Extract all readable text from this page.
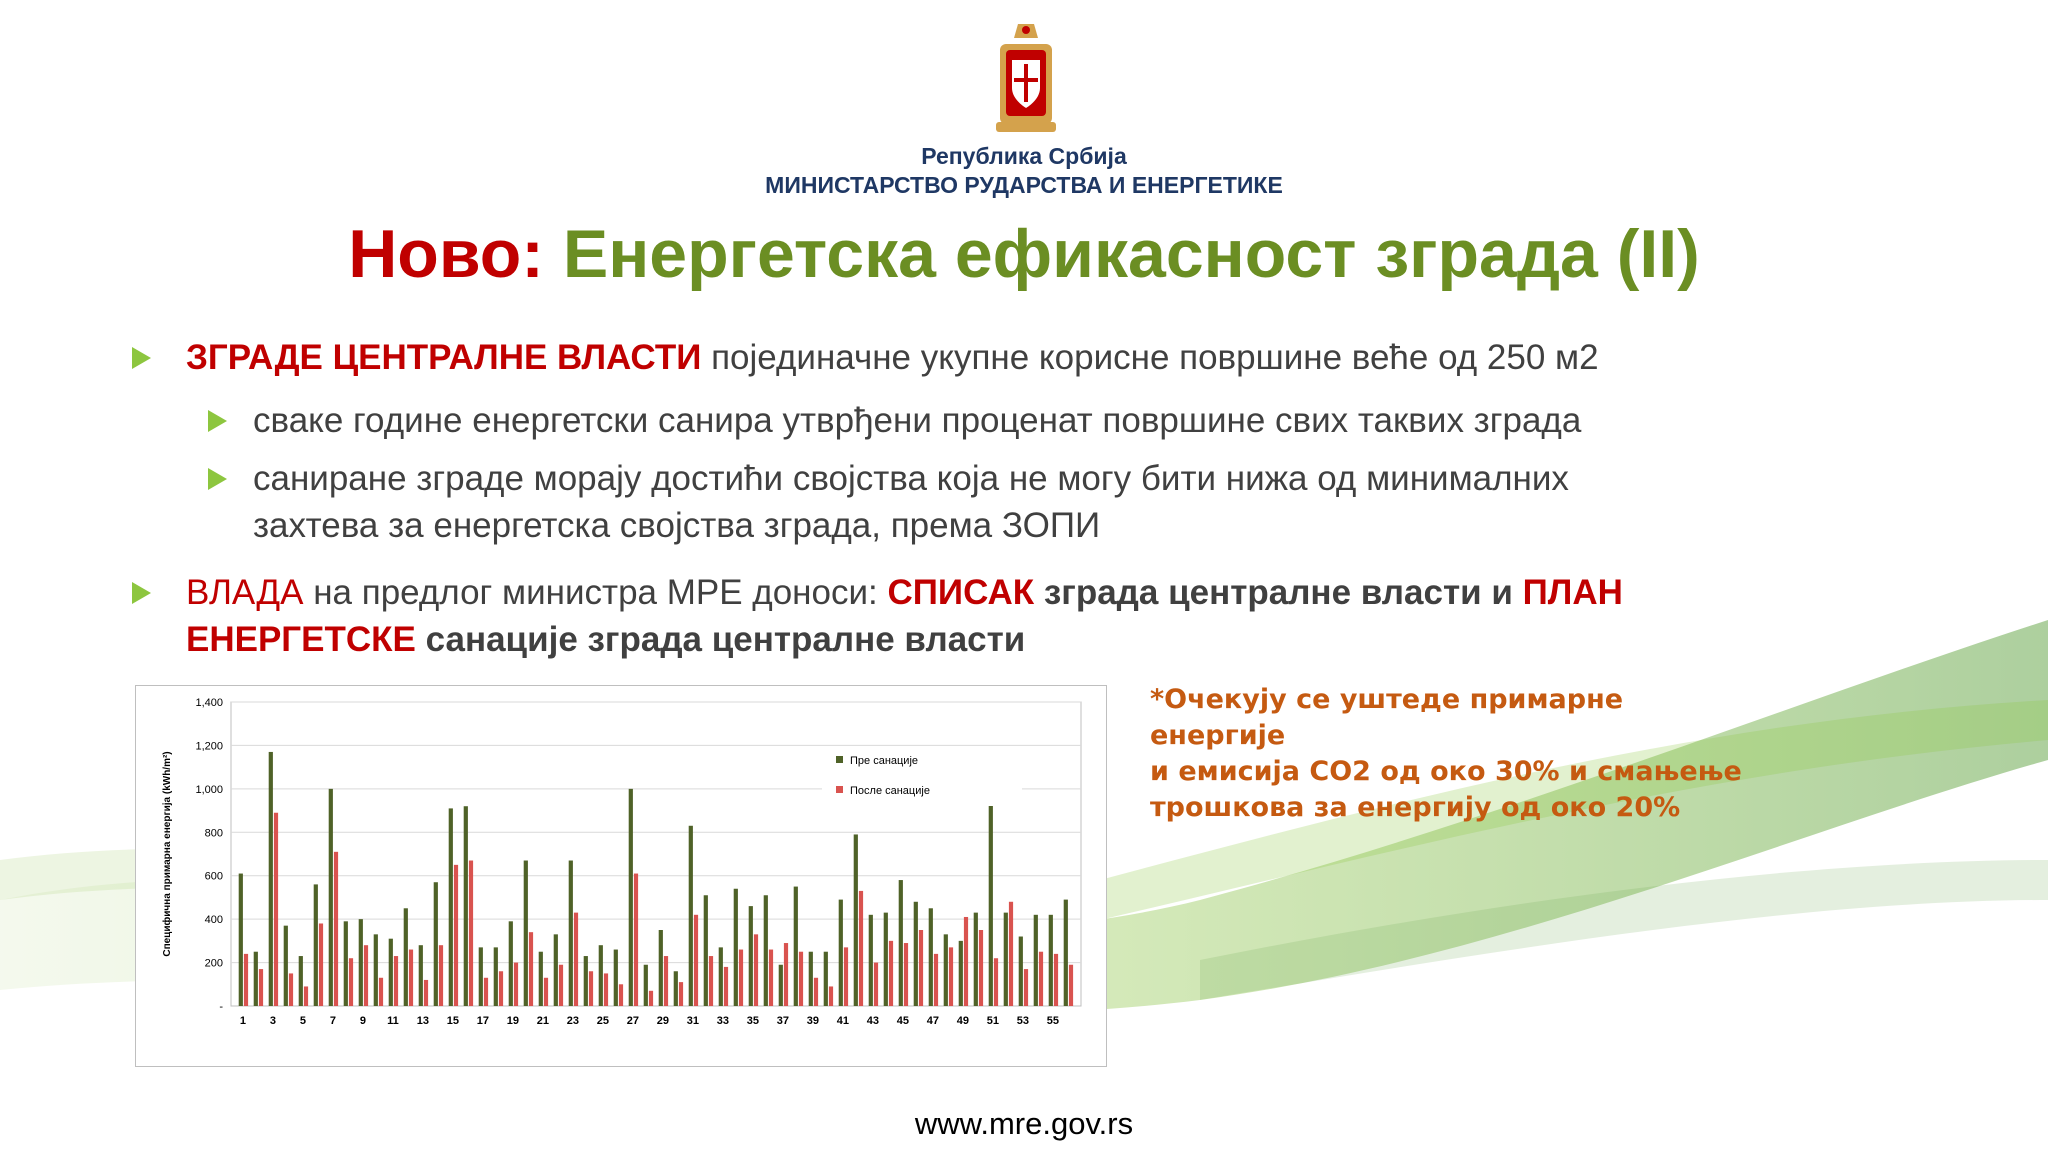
Република Србија
МИНИСТАРСТВО РУДАРСТВА И ЕНЕРГЕТИКЕ
Ново: Енергетска ефикасност зграда (II)
ЗГРАДЕ ЦЕНТРАЛНЕ ВЛАСТИ појединачне укупне корисне површине веће од 250 м2
сваке године енергетски санира утврђени проценат површине свих таквих зграда
саниране зграде морају достићи својства која не могу бити нижа од минималних
захтева за енергетска својства зграда, према ЗОПИ
ВЛАДА на предлог министра МРЕ доноси: СПИСАК зграда централне власти и ПЛАН
ЕНЕРГЕТСКЕ санације зграда централне власти
-
200
400
600
800
1,000
1,200
1,400
Специфична примарна енергија (kWh/m²)
1 3 5 7 9 11 13 15 17 19 21 23 25 27 29 31 33 35 37 39 41 43 45 47 49 51 53 55
Пре санације
После санације
*Очекују се уштеде примарне енергије
и емисија CO2 од око 30% и смањење
трошкова за енергију од око 20%
www.mre.gov.rs
